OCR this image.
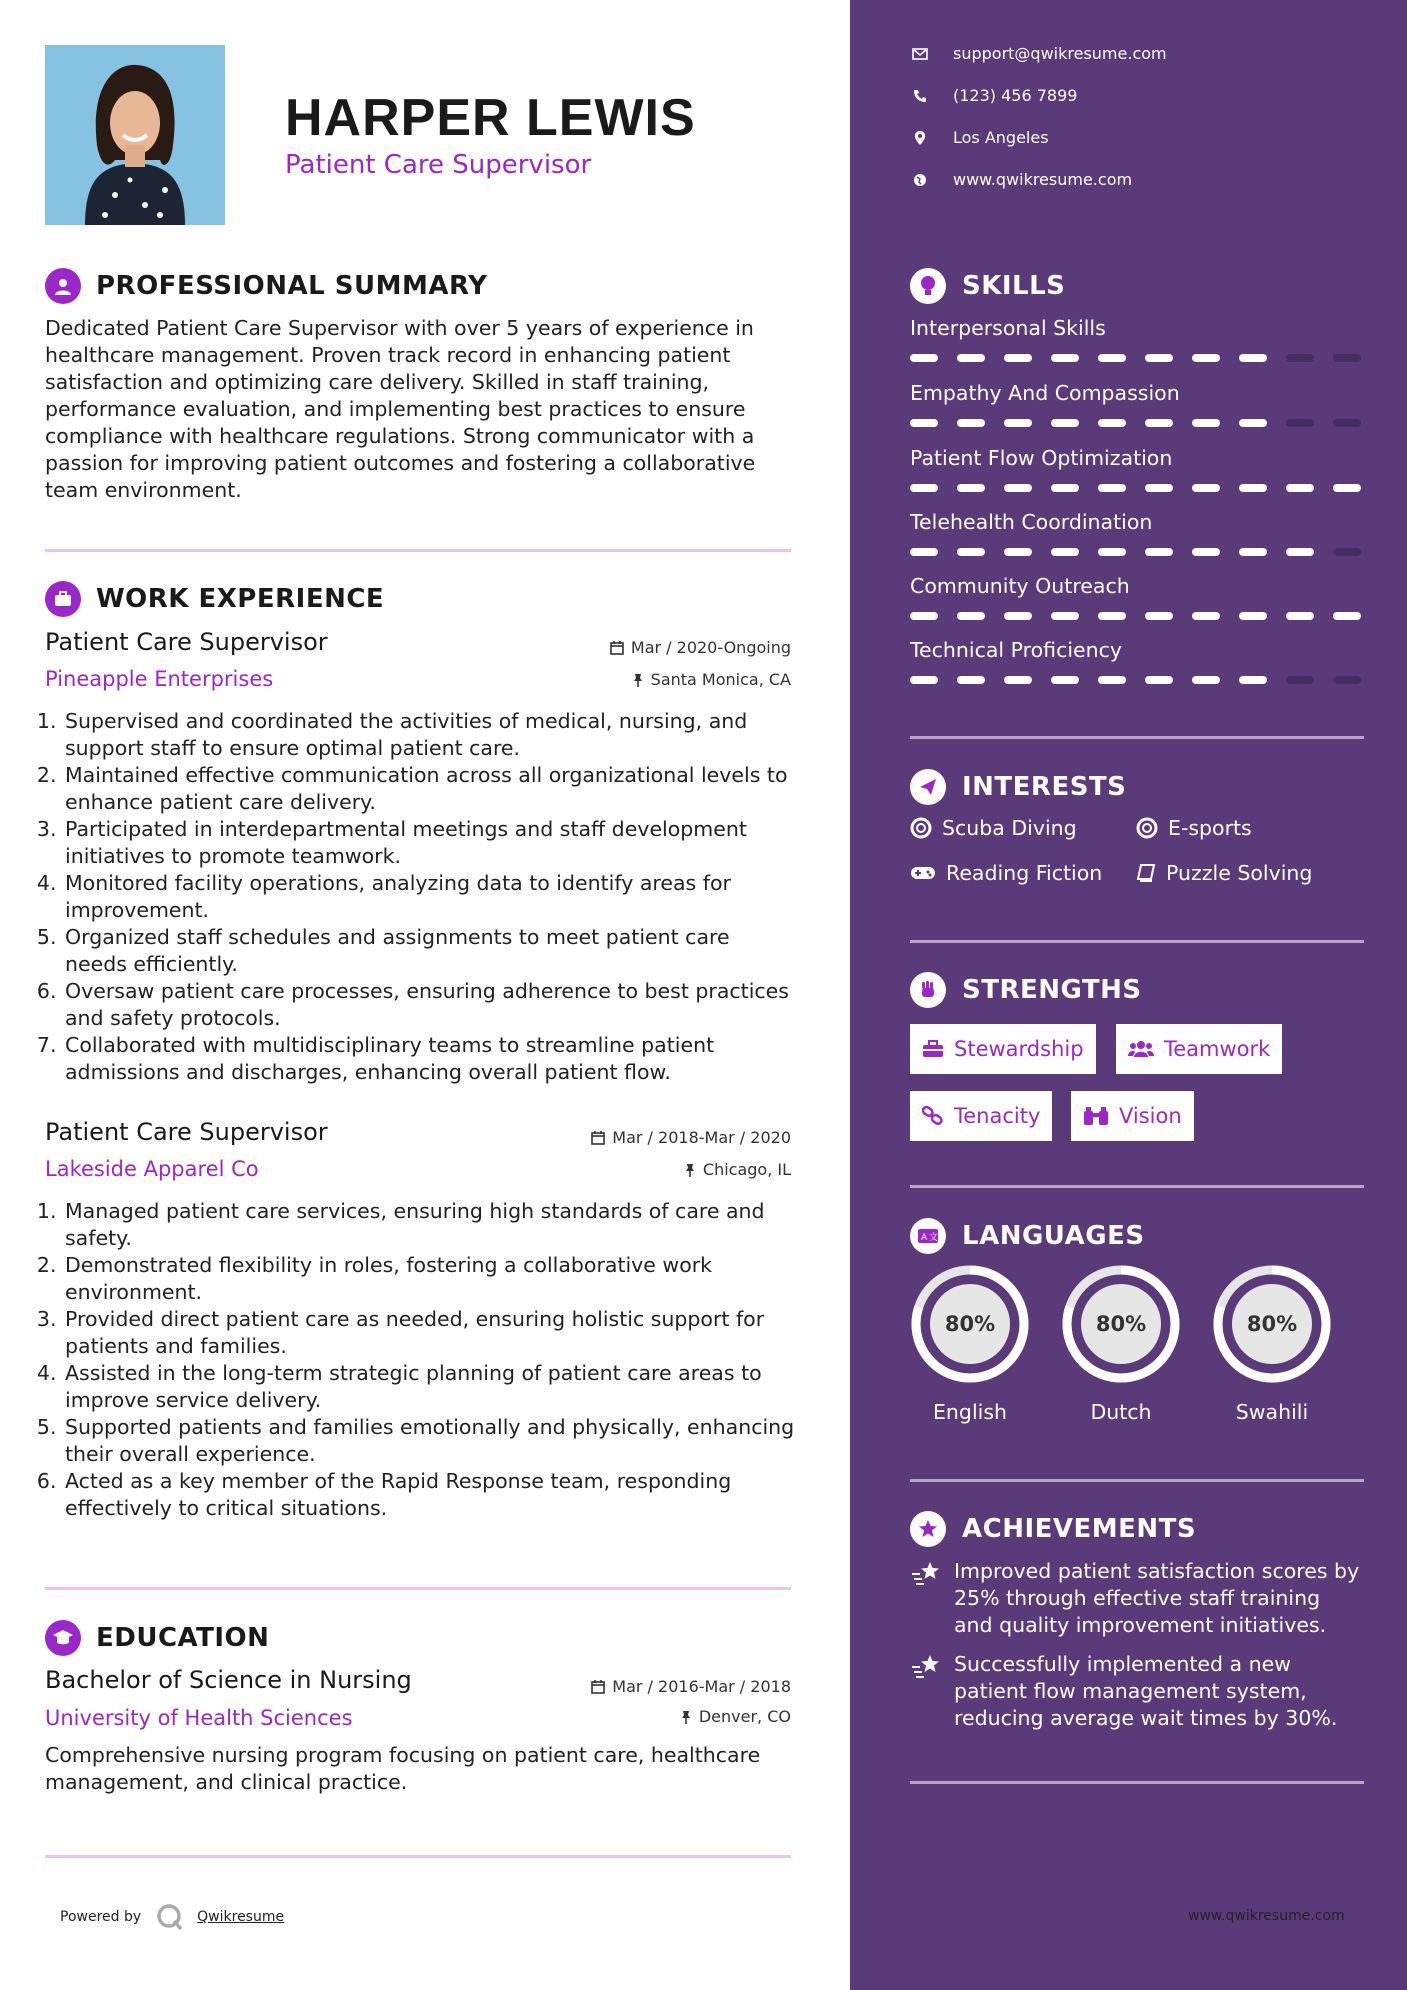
HARPER LEWIS
Patient Care Supervisor
PROFESSIONAL SUMMARY
Dedicated Patient Care Supervisor with over 5 years of experience in healthcare management. Proven track record in enhancing patient satisfaction and optimizing care delivery. Skilled in staff training, performance evaluation, and implementing best practices to ensure compliance with healthcare regulations. Strong communicator with a passion for improving patient outcomes and fostering a collaborative team environment.
WORK EXPERIENCE
Patient Care Supervisor
Pineapple Enterprises
Mar / 2020-Ongoing
Santa Monica, CA
1. Supervised and coordinated the activities of medical, nursing, and support staff to ensure optimal patient care.
2. Maintained effective communication across all organizational levels to enhance patient care delivery.
3. Participated in interdepartmental meetings and staff development initiatives to promote teamwork.
4. Monitored facility operations, analyzing data to identify areas for improvement.
5. Organized staff schedules and assignments to meet patient care needs efficiently.
6. Oversaw patient care processes, ensuring adherence to best practices and safety protocols.
7. Collaborated with multidisciplinary teams to streamline patient admissions and discharges, enhancing overall patient flow.
Patient Care Supervisor
Lakeside Apparel Co
Mar / 2018-Mar / 2020
Chicago, IL
1. Managed patient care services, ensuring high standards of care and safety.
2. Demonstrated flexibility in roles, fostering a collaborative work environment.
3. Provided direct patient care as needed, ensuring holistic support for patients and families.
4. Assisted in the long-term strategic planning of patient care areas to improve service delivery.
5. Supported patients and families emotionally and physically, enhancing their overall experience.
6. Acted as a key member of the Rapid Response team, responding effectively to critical situations.
EDUCATION
Bachelor of Science in Nursing
University of Health Sciences
Mar / 2016-Mar / 2018
Denver, CO
Comprehensive nursing program focusing on patient care, healthcare management, and clinical practice.
Powered by	Qwikresume
support@qwikresume.com
(123) 456 7899
Los Angeles
www.qwikresume.com
SKILLS
Interpersonal Skills
Empathy And Compassion
Patient Flow Optimization
Telehealth Coordination
Community Outreach
Technical Proficiency
INTERESTS
Scuba Diving	E-sports
Reading Fiction	Puzzle Solving
STRENGTHS
Stewardship	Teamwork
Tenacity	Vision
A 文 LANGUAGES
80%
English
80%
Dutch
80%
Swahili
ACHIEVEMENTS
Improved patient satisfaction scores by 25% through effective staff training and quality improvement initiatives.
Successfully implemented a new patient flow management system, reducing average wait times by 30%.
www.qwikresume.com
